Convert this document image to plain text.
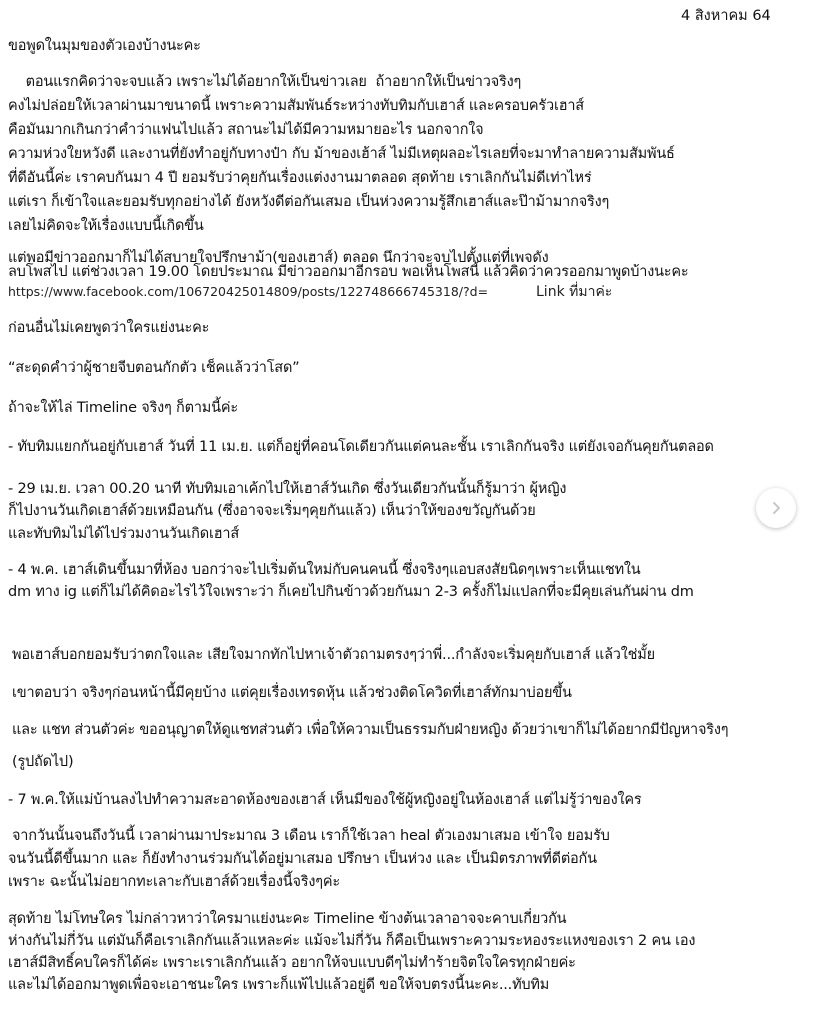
4 สิงหาคม 64
ขอพูดในมุมของตัวเองบ้างนะคะ
ตอนแรกคิดว่าจะจบแล้ว เพราะไม่ได้อยากให้เป็นข่าวเลย  ถ้าอยากให้เป็นข่าวจริงๆ
คงไม่ปล่อยให้เวลาผ่านมาขนาดนี้ เพราะความสัมพันธ์ระหว่างทับทิมกับเฮาส์ และครอบครัวเฮาส์
คือมันมากเกินกว่าคำว่าแฟนไปแล้ว สถานะไม่ได้มีความหมายอะไร นอกจากใจ
ความห่วงใยหวังดี และงานที่ยังทำอยู่กับทางป๋า กับ ม้าของเฮ้าส์ ไม่มีเหตุผลอะไรเลยที่จะมาทำลายความสัมพันธ์
ที่ดีอันนี้ค่ะ เราคบกันมา 4 ปี ยอมรับว่าคุยกันเรื่องแต่งงานมาตลอด สุดท้าย เราเลิกกันไม่ดีเท่าไหร่
แต่เรา ก็เข้าใจและยอมรับทุกอย่างได้ ยังหวังดีต่อกันเสมอ เป็นห่วงความรู้สึกเฮาส์และป๊าม้ามากจริงๆ
เลยไม่คิดจะให้เรื่องแบบนี้เกิดขึ้น
แต่พอมีข่าวออกมาก็ไม่ได้สบายใจปรึกษาม้า(ของเฮาส์) ตลอด นึกว่าจะจบไปตั้งแต่ที่เพจดัง
ลบโพสไป แต่ช่วงเวลา 19.00 โดยประมาณ มีข่าวออกมาอีกรอบ พอเห็นโพสนี้ แล้วคิดว่าควรออกมาพูดบ้างนะคะ
https://www.facebook.com/106720425014809/posts/122748666745318/?d=	Link ที่มาค่ะ
ก่อนอื่นไม่เคยพูดว่าใครแย่งนะคะ
“สะดุดคำว่าผู้ชายจีบตอนกักตัว เช็คแล้วว่าโสด”
ถ้าจะให้ไล่ Timeline จริงๆ ก็ตามนี้ค่ะ
- ทับทิมแยกกันอยู่กับเฮาส์ วันที่ 11 เม.ย. แต่ก็อยู่ที่คอนโดเดียวกันแต่คนละชั้น เราเลิกกันจริง แต่ยังเจอกันคุยกันตลอด
- 29 เม.ย. เวลา 00.20 นาที ทับทิมเอาเค้กไปให้เฮาส์วันเกิด ซึ่งวันเดียวกันนั้นก็รู้มาว่า ผู้หญิง
ก็ไปงานวันเกิดเฮาส์ด้วยเหมือนกัน (ซึ่งอาจจะเริ่มๆคุยกันแล้ว) เห็นว่าให้ของขวัญกันด้วย
และทับทิมไม่ได้ไปร่วมงานวันเกิดเฮาส์
- 4 พ.ค. เฮาส์เดินขึ้นมาที่ห้อง บอกว่าจะไปเริ่มต้นใหม่กับคนคนนี้ ซึ่งจริงๆแอบสงสัยนิดๆเพราะเห็นแชทใน
dm ทาง ig แต่ก็ไม่ได้คิดอะไรไว้ใจเพราะว่า ก็เคยไปกินข้าวด้วยกันมา 2-3 ครั้งก็ไม่แปลกที่จะมีคุยเล่นกันผ่าน dm
พอเฮาส์บอกยอมรับว่าตกใจและ เสียใจมากทักไปหาเจ้าตัวถามตรงๆว่าพี่...กำลังจะเริ่มคุยกับเฮาส์ แล้วใช่มั้ย
เขาตอบว่า จริงๆก่อนหน้านี้มีคุยบ้าง แต่คุยเรื่องเทรดหุ้น แล้วช่วงติดโควิดที่เฮาส์ทักมาบ่อยขึ้น
และ แชท ส่วนตัวค่ะ ขออนุญาตให้ดูแชทส่วนตัว เพื่อให้ความเป็นธรรมกับฝ่ายหญิง ด้วยว่าเขาก็ไม่ได้อยากมีปัญหาจริงๆ
(รูปถัดไป)
- 7 พ.ค.ให้แม่บ้านลงไปทำความสะอาดห้องของเฮาส์ เห็นมีของใช้ผู้หญิงอยู่ในห้องเฮาส์ แต่ไม่รู้ว่าของใคร
จากวันนั้นจนถึงวันนี้ เวลาผ่านมาประมาณ 3 เดือน เราก็ใช้เวลา heal ตัวเองมาเสมอ เข้าใจ ยอมรับ
จนวันนี้ดีขึ้นมาก และ ก็ยังทำงานร่วมกันได้อยู่มาเสมอ ปรึกษา เป็นห่วง และ เป็นมิตรภาพที่ดีต่อกัน
เพราะ ฉะนั้นไม่อยากทะเลาะกับเฮาส์ด้วยเรื่องนี้จริงๆค่ะ
สุดท้าย ไม่โทษใคร ไม่กล่าวหาว่าใครมาแย่งนะคะ Timeline ข้างต้นเวลาอาจจะคาบเกี่ยวกัน
ห่างกันไม่กี่วัน แต่มันก็คือเราเลิกกันแล้วแหละค่ะ แม้จะไม่กี่วัน ก็คือเป็นเพราะความระหองระแหงของเรา 2 คน เอง
เฮาส์มีสิทธิ์คบใครก็ได้ค่ะ เพราะเราเลิกกันแล้ว อยากให้จบแบบดีๆไม่ทำร้ายจิตใจใครทุกฝ่ายค่ะ
และไม่ได้ออกมาพูดเพื่อจะเอาชนะใคร เพราะก็แพ้ไปแล้วอยู่ดี ขอให้จบตรงนี้นะคะ...ทับทิม
